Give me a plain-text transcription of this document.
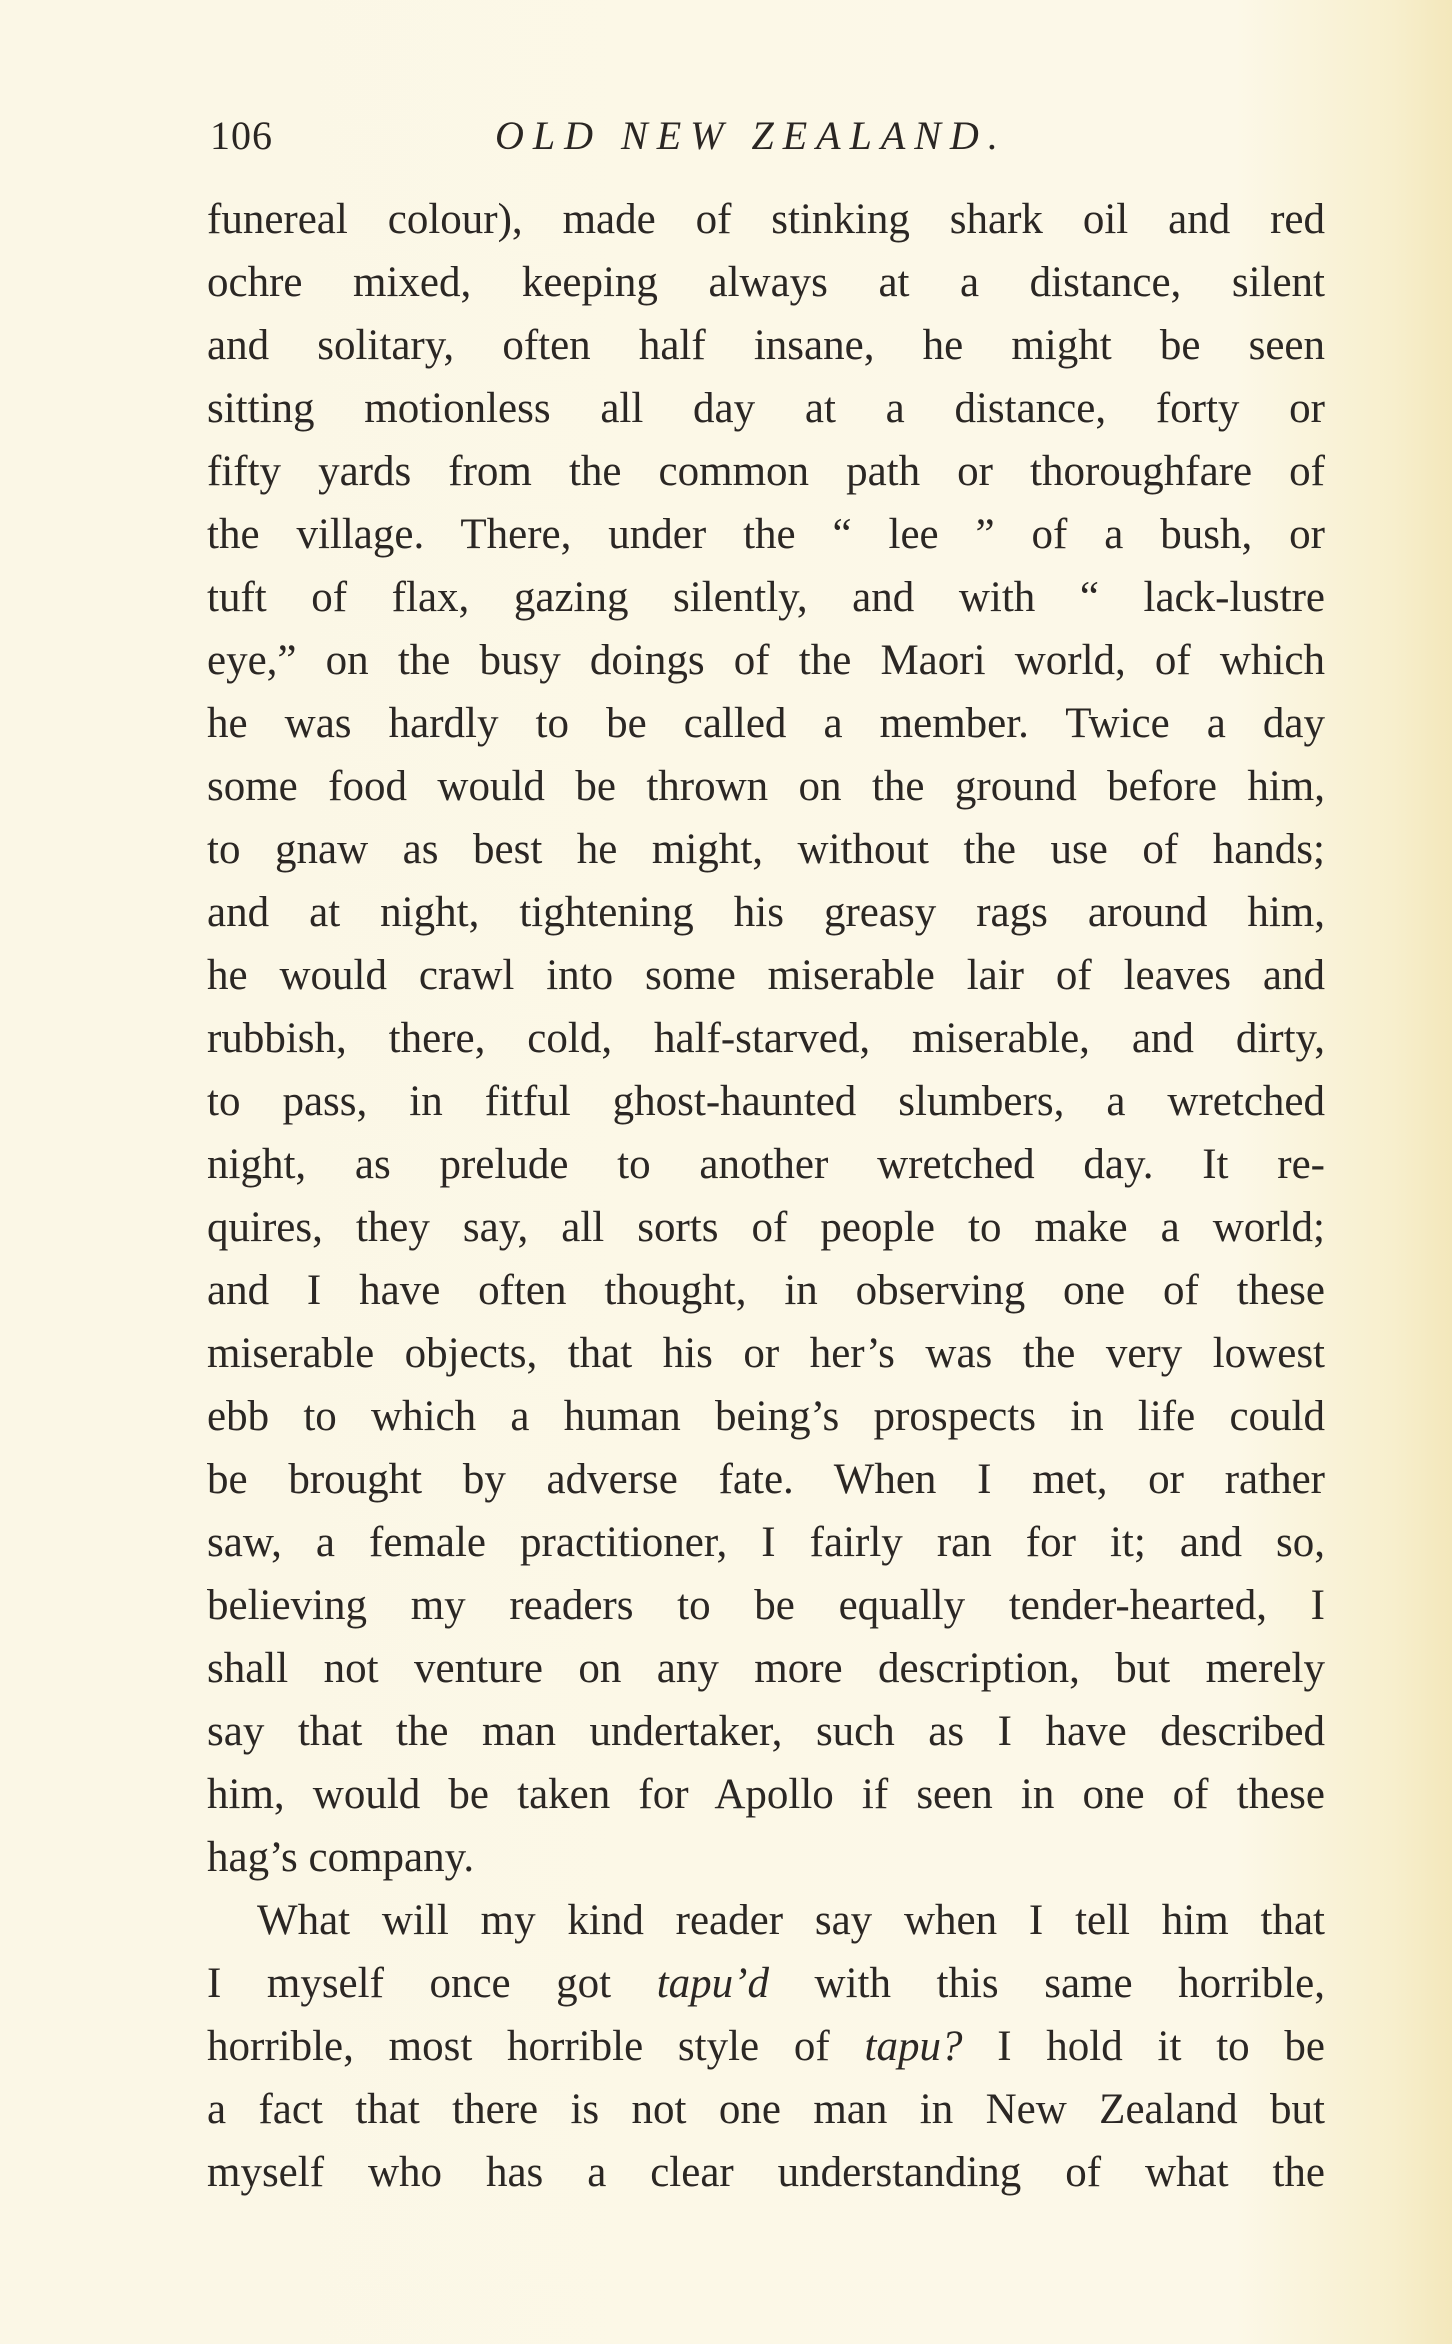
106	OLD NEW ZEALAND.
funereal colour), made of stinking shark oil and red
ochre mixed, keeping always at a distance, silent
and solitary, often half insane, he might be seen
sitting motionless all day at a distance, forty or
fifty yards from the common path or thoroughfare of
the village. There, under the “ lee ” of a bush, or
tuft of flax, gazing silently, and with “ lack-lustre
eye,” on the busy doings of the Maori world, of which
he was hardly to be called a member. Twice a day
some food would be thrown on the ground before him,
to gnaw as best he might, without the use of hands;
and at night, tightening his greasy rags around him,
he would crawl into some miserable lair of leaves and
rubbish, there, cold, half-starved, miserable, and dirty,
to pass, in fitful ghost-haunted slumbers, a wretched
night, as prelude to another wretched day. It re-
quires, they say, all sorts of people to make a world;
and I have often thought, in observing one of these
miserable objects, that his or her’s was the very lowest
ebb to which a human being’s prospects in life could
be brought by adverse fate. When I met, or rather
saw, a female practitioner, I fairly ran for it; and so,
believing my readers to be equally tender-hearted, I
shall not venture on any more description, but merely
say that the man undertaker, such as I have described
him, would be taken for Apollo if seen in one of these
hag’s company.
What will my kind reader say when I tell him that
I myself once got tapu’d with this same horrible,
horrible, most horrible style of tapu? I hold it to be
a fact that there is not one man in New Zealand but
myself who has a clear understanding of what the
